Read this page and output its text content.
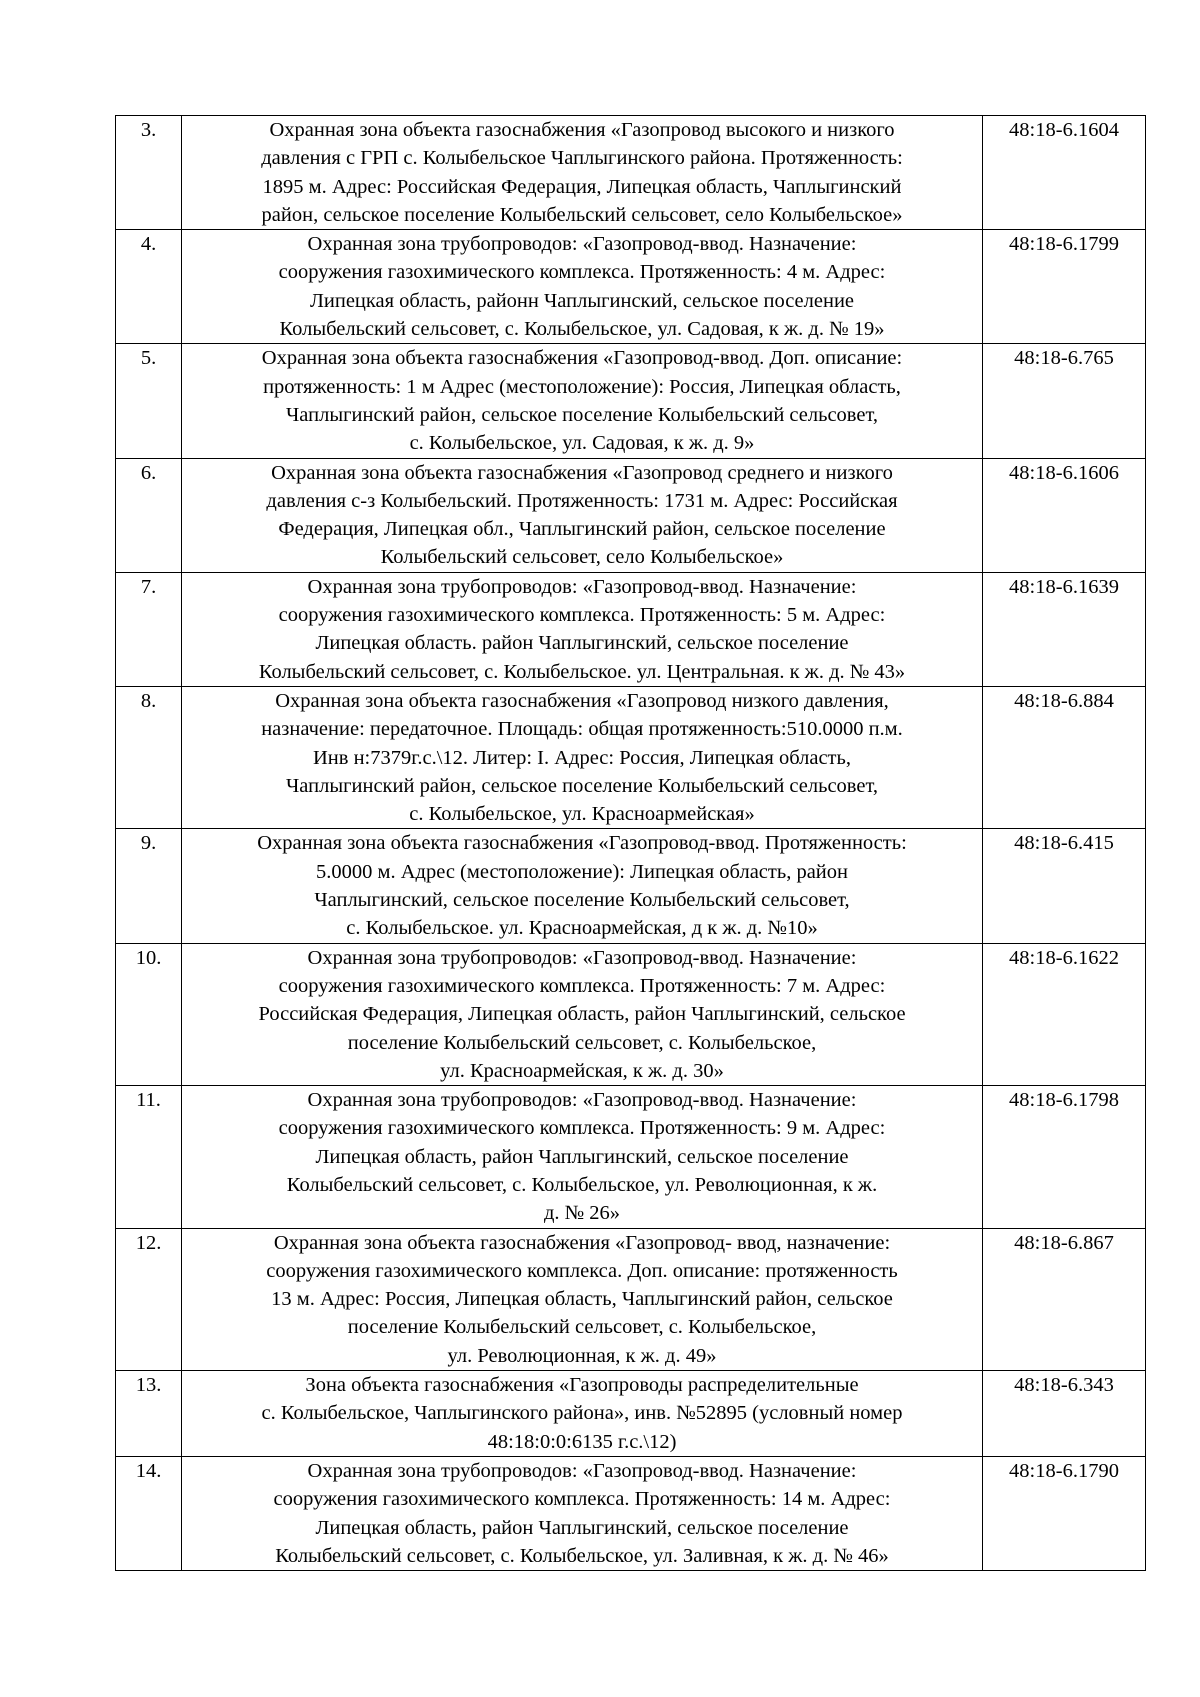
3.	Охранная зона объекта газоснабжения «Газопровод высокого и низкого
давления с ГРП с. Колыбельское Чаплыгинского района. Протяженность:
1895 м. Адрес: Российская Федерация, Липецкая область, Чаплыгинский
район, сельское поселение Колыбельский сельсовет, село Колыбельское»	48:18-6.1604
4.	Охранная зона трубопроводов: «Газопровод-ввод. Назначение:
сооружения газохимического комплекса. Протяженность: 4 м. Адрес:
Липецкая область, районн Чаплыгинский, сельское поселение
Колыбельский сельсовет, с. Колыбельское, ул. Садовая, к ж. д. № 19»	48:18-6.1799
5.	Охранная зона объекта газоснабжения «Газопровод-ввод. Доп. описание:
протяженность: 1 м Адрес (местоположение): Россия, Липецкая область,
Чаплыгинский район, сельское поселение Колыбельский сельсовет,
с. Колыбельское, ул. Садовая, к ж. д. 9»	48:18-6.765
6.	Охранная зона объекта газоснабжения «Газопровод среднего и низкого
давления с-з Колыбельский. Протяженность: 1731 м. Адрес: Российская
Федерация, Липецкая обл., Чаплыгинский район, сельское поселение
Колыбельский сельсовет, село Колыбельское»	48:18-6.1606
7.	Охранная зона трубопроводов: «Газопровод-ввод. Назначение:
сооружения газохимического комплекса. Протяженность: 5 м. Адрес:
Липецкая область. район Чаплыгинский, сельское поселение
Колыбельский сельсовет, с. Колыбельское. ул. Центральная. к ж. д. № 43»	48:18-6.1639
8.	Охранная зона объекта газоснабжения «Газопровод низкого давления,
назначение: передаточное. Площадь: общая протяженность:510.0000 п.м.
Инв н:7379г.с.\12. Литер: I. Адрес: Россия, Липецкая область,
Чаплыгинский район, сельское поселение Колыбельский сельсовет,
с. Колыбельское, ул. Красноармейская»	48:18-6.884
9.	Охранная зона объекта газоснабжения «Газопровод-ввод. Протяженность:
5.0000 м. Адрес (местоположение): Липецкая область, район
Чаплыгинский, сельское поселение Колыбельский сельсовет,
с. Колыбельское. ул. Красноармейская, д к ж. д. №10»	48:18-6.415
10.	Охранная зона трубопроводов: «Газопровод-ввод. Назначение:
сооружения газохимического комплекса. Протяженность: 7 м. Адрес:
Российская Федерация, Липецкая область, район Чаплыгинский, сельское
поселение Колыбельский сельсовет, с. Колыбельское,
ул. Красноармейская, к ж. д. 30»	48:18-6.1622
11.	Охранная зона трубопроводов: «Газопровод-ввод. Назначение:
сооружения газохимического комплекса. Протяженность: 9 м. Адрес:
Липецкая область, район Чаплыгинский, сельское поселение
Колыбельский сельсовет, с. Колыбельское, ул. Революционная, к ж.
д. № 26»	48:18-6.1798
12.	Охранная зона объекта газоснабжения «Газопровод- ввод, назначение:
сооружения газохимического комплекса. Доп. описание: протяженность
13 м. Адрес: Россия, Липецкая область, Чаплыгинский район, сельское
поселение Колыбельский сельсовет, с. Колыбельское,
ул. Революционная, к ж. д. 49»	48:18-6.867
13.	Зона объекта газоснабжения «Газопроводы распределительные
с. Колыбельское, Чаплыгинского района», инв. №52895 (условный номер
48:18:0:0:6135 г.с.\12)	48:18-6.343
14.	Охранная зона трубопроводов: «Газопровод-ввод. Назначение:
сооружения газохимического комплекса. Протяженность: 14 м. Адрес:
Липецкая область, район Чаплыгинский, сельское поселение
Колыбельский сельсовет, с. Колыбельское, ул. Заливная, к ж. д. № 46»	48:18-6.1790
